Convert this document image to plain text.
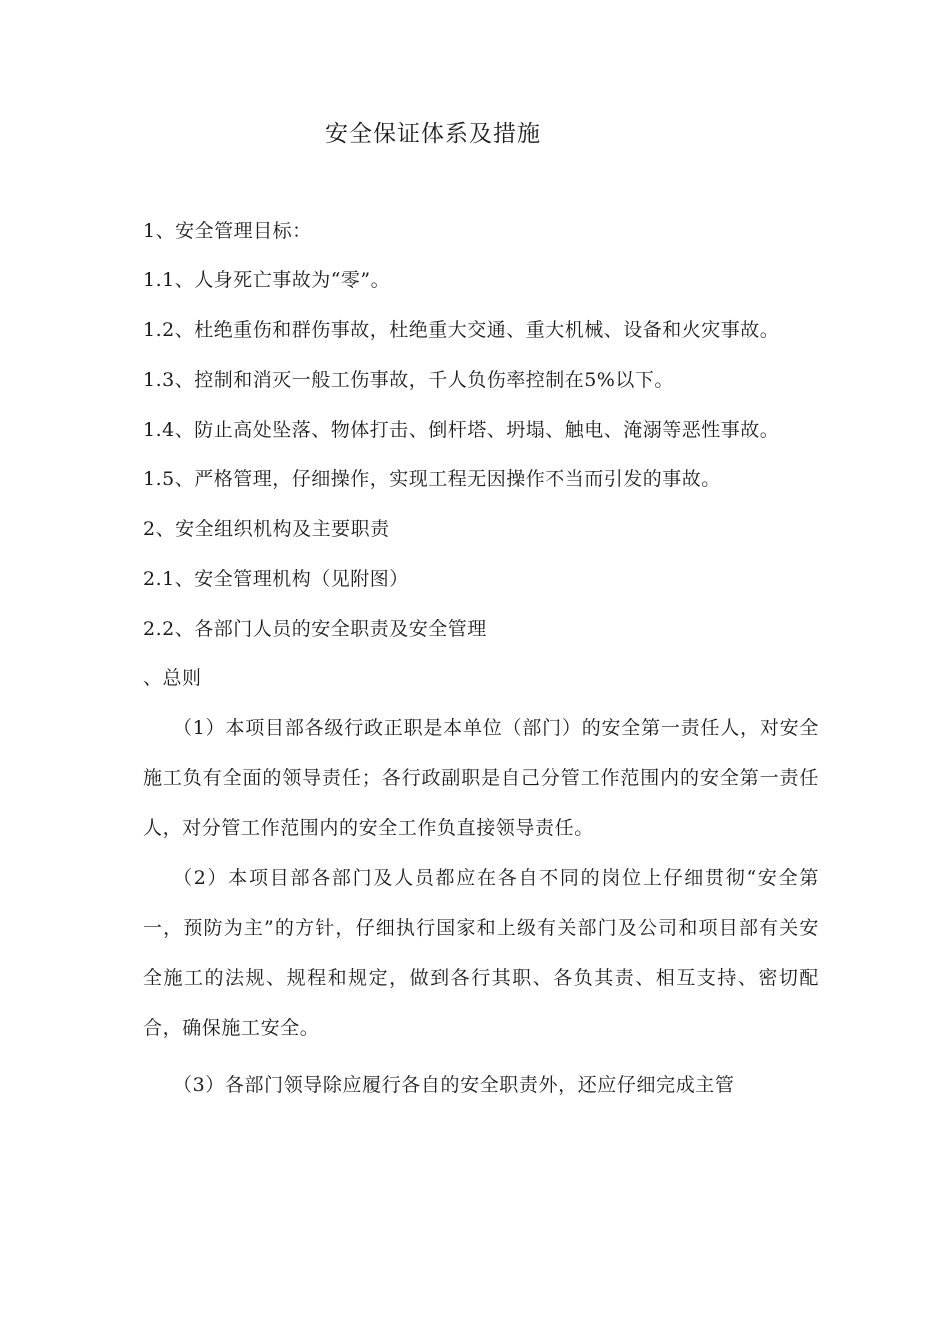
安全保证体系及措施
1、安全管理目标：
1.1、人身死亡事故为“零”。
1.2、杜绝重伤和群伤事故，杜绝重大交通、重大机械、设备和火灾事故。
1.3、控制和消灭一般工伤事故，千人负伤率控制在5%以下。
1.4、防止高处坠落、物体打击、倒杆塔、坍塌、触电、淹溺等恶性事故。
1.5、严格管理，仔细操作，实现工程无因操作不当而引发的事故。
2、安全组织机构及主要职责
2.1、安全管理机构（见附图）
2.2、各部门人员的安全职责及安全管理
、总则
（1）本项目部各级行政正职是本单位（部门）的安全第一责任人，对安全施工负有全面的领导责任；各行政副职是自己分管工作范围内的安全第一责任人，对分管工作范围内的安全工作负直接领导责任。
（2）本项目部各部门及人员都应在各自不同的岗位上仔细贯彻“安全第一，预防为主”的方针，仔细执行国家和上级有关部门及公司和项目部有关安全施工的法规、规程和规定，做到各行其职、各负其责、相互支持、密切配合，确保施工安全。
（3）各部门领导除应履行各自的安全职责外，还应仔细完成主管
